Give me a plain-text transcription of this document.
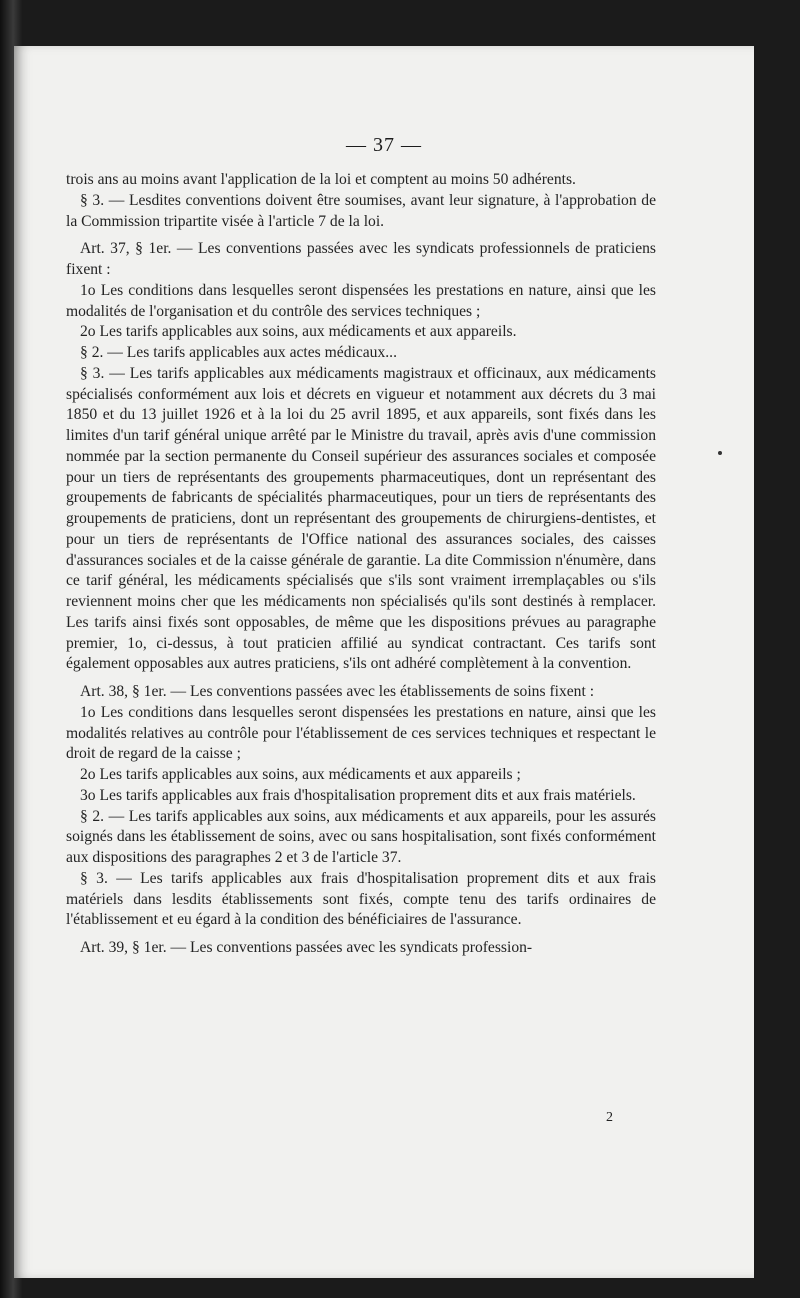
— 37 —

trois ans au moins avant l'application de la loi et comptent au moins 50 adhérents.

§ 3. — Lesdites conventions doivent être soumises, avant leur signature, à l'approbation de la Commission tripartite visée à l'article 7 de la loi.

Art. 37, § 1er. — Les conventions passées avec les syndicats professionnels de praticiens fixent :

1o Les conditions dans lesquelles seront dispensées les prestations en nature, ainsi que les modalités de l'organisation et du contrôle des services techniques ;

2o Les tarifs applicables aux soins, aux médicaments et aux appareils.

§ 2. — Les tarifs applicables aux actes médicaux...

§ 3. — Les tarifs applicables aux médicaments magistraux et officinaux, aux médicaments spécialisés conformément aux lois et décrets en vigueur et notamment aux décrets du 3 mai 1850 et du 13 juillet 1926 et à la loi du 25 avril 1895, et aux appareils, sont fixés dans les limites d'un tarif général unique arrêté par le Ministre du travail, après avis d'une commission nommée par la section permanente du Conseil supérieur des assurances sociales et composée pour un tiers de représentants des groupements pharmaceutiques, dont un représentant des groupements de fabricants de spécialités pharmaceutiques, pour un tiers de représentants des groupements de praticiens, dont un représentant des groupements de chirurgiens-dentistes, et pour un tiers de représentants de l'Office national des assurances sociales, des caisses d'assurances sociales et de la caisse générale de garantie. La dite Commission n'énumère, dans ce tarif général, les médicaments spécialisés que s'ils sont vraiment irremplaçables ou s'ils reviennent moins cher que les médicaments non spécialisés qu'ils sont destinés à remplacer. Les tarifs ainsi fixés sont opposables, de même que les dispositions prévues au paragraphe premier, 1o, ci-dessus, à tout praticien affilié au syndicat contractant. Ces tarifs sont également opposables aux autres praticiens, s'ils ont adhéré complètement à la convention.

Art. 38, § 1er. — Les conventions passées avec les établissements de soins fixent :

1o Les conditions dans lesquelles seront dispensées les prestations en nature, ainsi que les modalités relatives au contrôle pour l'établissement de ces services techniques et respectant le droit de regard de la caisse ;

2o Les tarifs applicables aux soins, aux médicaments et aux appareils ;

3o Les tarifs applicables aux frais d'hospitalisation proprement dits et aux frais matériels.

§ 2. — Les tarifs applicables aux soins, aux médicaments et aux appareils, pour les assurés soignés dans les établissement de soins, avec ou sans hospitalisation, sont fixés conformément aux dispositions des paragraphes 2 et 3 de l'article 37.

§ 3. — Les tarifs applicables aux frais d'hospitalisation proprement dits et aux frais matériels dans lesdits établissements sont fixés, compte tenu des tarifs ordinaires de l'établissement et eu égard à la condition des bénéficiaires de l'assurance.

Art. 39, § 1er. — Les conventions passées avec les syndicats profession-

2
